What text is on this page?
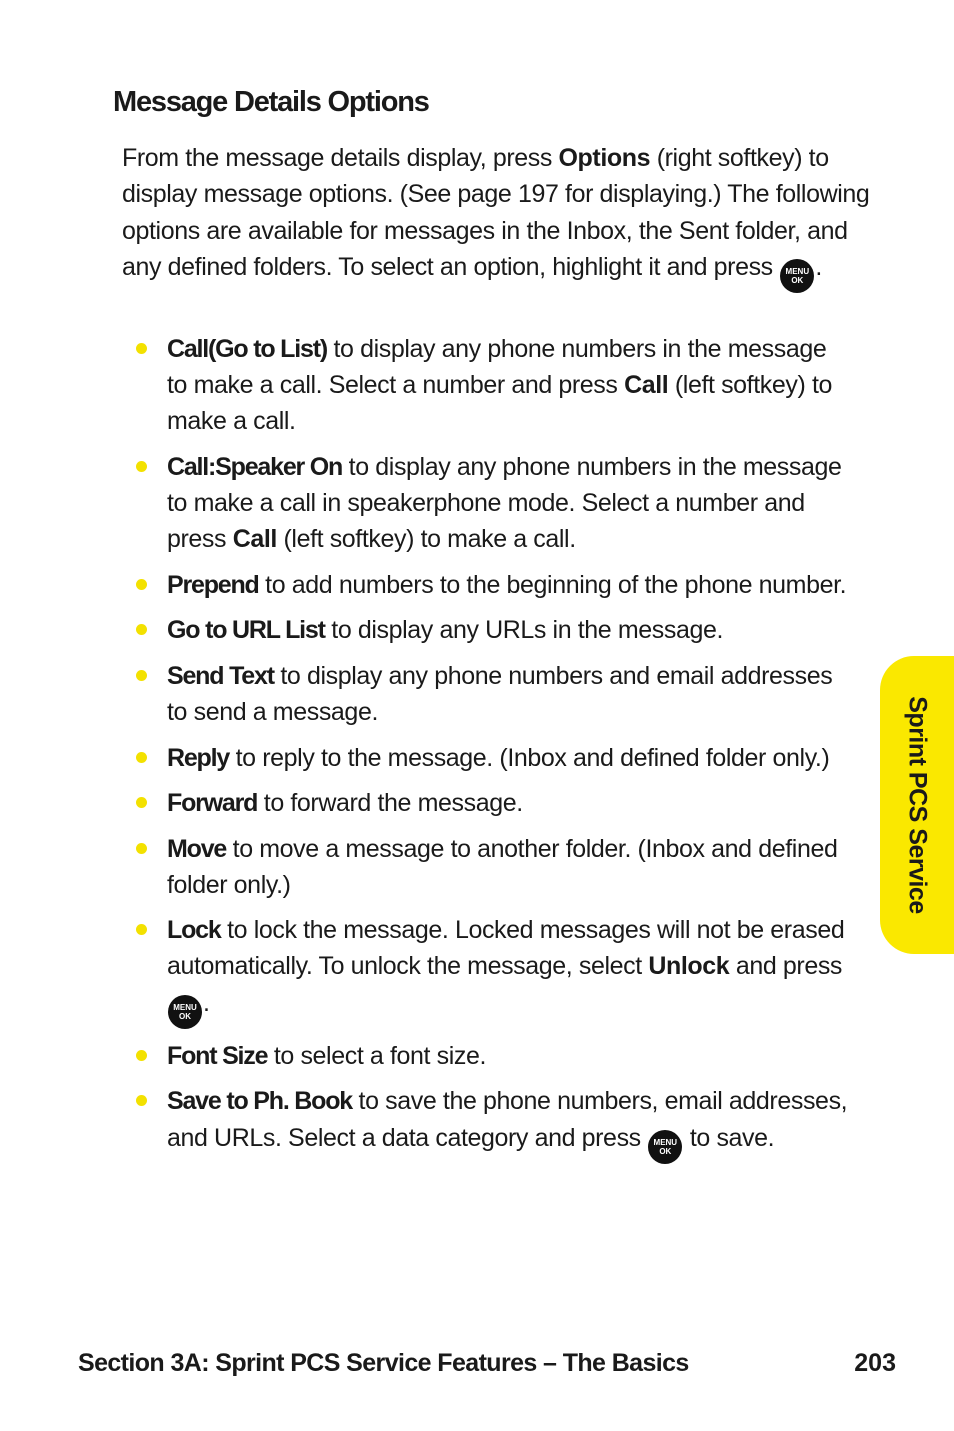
Message Details Options

From the message details display, press Options (right softkey) to display message options. (See page 197 for displaying.) The following options are available for messages in the Inbox, the Sent folder, and any defined folders. To select an option, highlight it and press MENU
OK .

Call(Go to List) to display any phone numbers in the message to make a call. Select a number and press Call (left softkey) to make a call.
Call:Speaker On to display any phone numbers in the message to make a call in speakerphone mode. Select a number and press Call (left softkey) to make a call.
Prepend to add numbers to the beginning of the phone number.
Go to URL List to display any URLs in the message.
Send Text to display any phone numbers and email addresses to send a message.
Reply to reply to the message. (Inbox and defined folder only.)
Forward to forward the message.
Move to move a message to another folder. (Inbox and defined folder only.)
Lock to lock the message. Locked messages will not be erased automatically. To unlock the message, select Unlock and press
MENU
OK .
Font Size to select a font size.
Save to Ph. Book to save the phone numbers, email addresses, and URLs. Select a data category and press MENU
OK to save.
Sprint PCS Service
Section 3A: Sprint PCS Service Features – The Basics	203
